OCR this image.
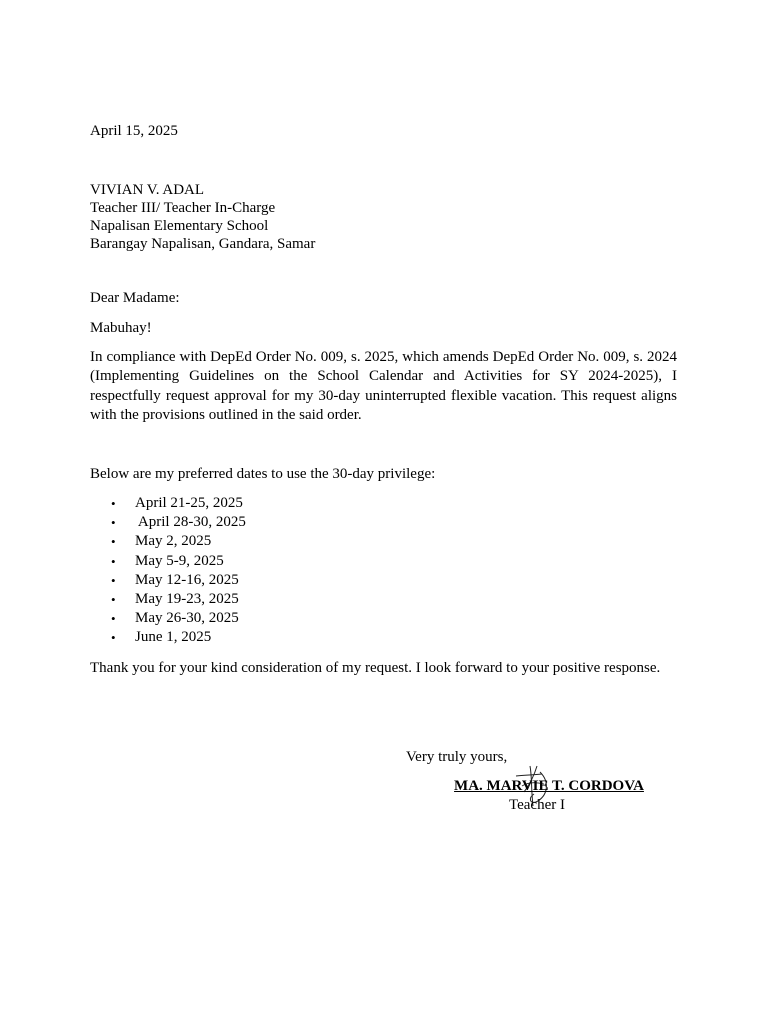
April 15, 2025
VIVIAN V. ADAL
Teacher III/ Teacher In-Charge
Napalisan Elementary School
Barangay Napalisan, Gandara, Samar
Dear Madame:
Mabuhay!
In compliance with DepEd Order No. 009, s. 2025, which amends DepEd Order No. 009, s. 2024 (Implementing Guidelines on the School Calendar and Activities for SY 2024-2025), I respectfully request approval for my 30-day uninterrupted flexible vacation. This request aligns with the provisions outlined in the said order.
Below are my preferred dates to use the 30-day privilege:
• April 21-25, 2025
• April 28-30, 2025
• May 2, 2025
• May 5-9, 2025
• May 12-16, 2025
• May 19-23, 2025
• May 26-30, 2025
• June 1, 2025
Thank you for your kind consideration of my request. I look forward to your positive response.
Very truly yours,
MA. MARVIE T. CORDOVA
Teacher I
